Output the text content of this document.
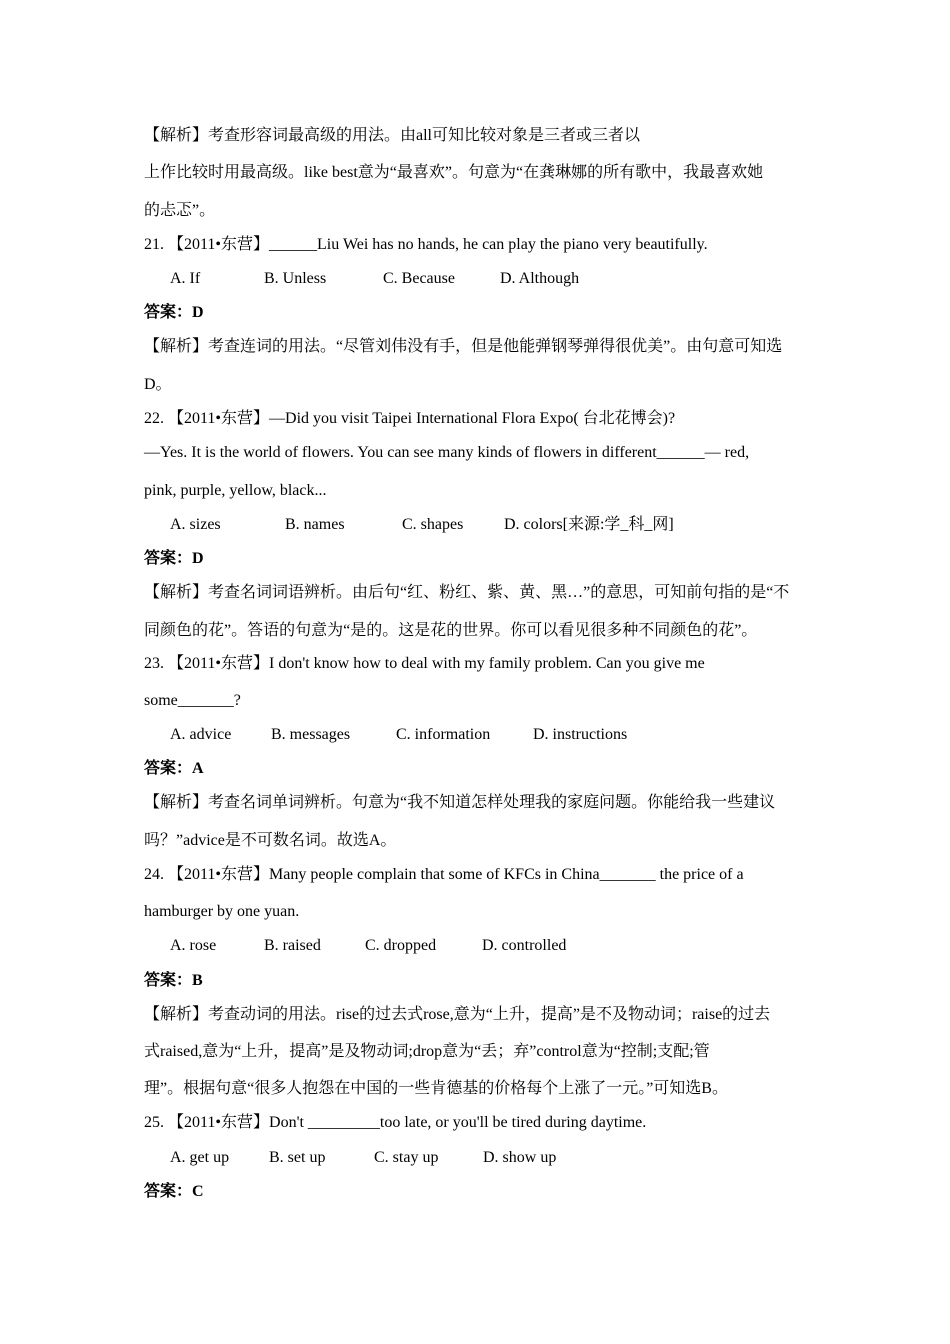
【解析】考查形容词最高级的用法。由all可知比较对象是三者或三者以
上作比较时用最高级。like best意为“最喜欢”。句意为“在龚琳娜的所有歌中，我最喜欢她
的忐忑”。
21. 【2011•东营】______Liu Wei has no hands, he can play the piano very beautifully.
A. If	B. Unless	C. Because	D. Although
答案：D
【解析】考查连词的用法。“尽管刘伟没有手，但是他能弹钢琴弹得很优美”。由句意可知选
D。
22. 【2011•东营】—Did you visit Taipei International Flora Expo( 台北花博会)?
—Yes. It is the world of flowers. You can see many kinds of flowers in different______— red,
pink, purple, yellow, black...
A. sizes	B. names	C. shapes	D. colors[来源:学_科_网]
答案：D
【解析】考查名词词语辨析。由后句“红、粉红、紫、黄、黑…”的意思，可知前句指的是“不
同颜色的花”。答语的句意为“是的。这是花的世界。你可以看见很多种不同颜色的花”。
23. 【2011•东营】I don't know how to deal with my family problem. Can you give me
some_______?
A. advice B. messages	C. information	D. instructions
答案：A
【解析】考查名词单词辨析。句意为“我不知道怎样处理我的家庭问题。你能给我一些建议
吗？”advice是不可数名词。故选A。
24. 【2011•东营】Many people complain that some of KFCs in China_______ the price of a
hamburger by one yuan.
A. rose	B. raised	C. dropped	D. controlled
答案：B
【解析】考查动词的用法。rise的过去式rose,意为“上升，提高”是不及物动词；raise的过去
式raised,意为“上升，提高”是及物动词;drop意为“丢；弃”control意为“控制;支配;管
理”。根据句意“很多人抱怨在中国的一些肯德基的价格每个上涨了一元。”可知选B。
25. 【2011•东营】Don't _________too late, or you'll be tired during daytime.
A. get up B. set up	C. stay up	D. show up
答案：C
